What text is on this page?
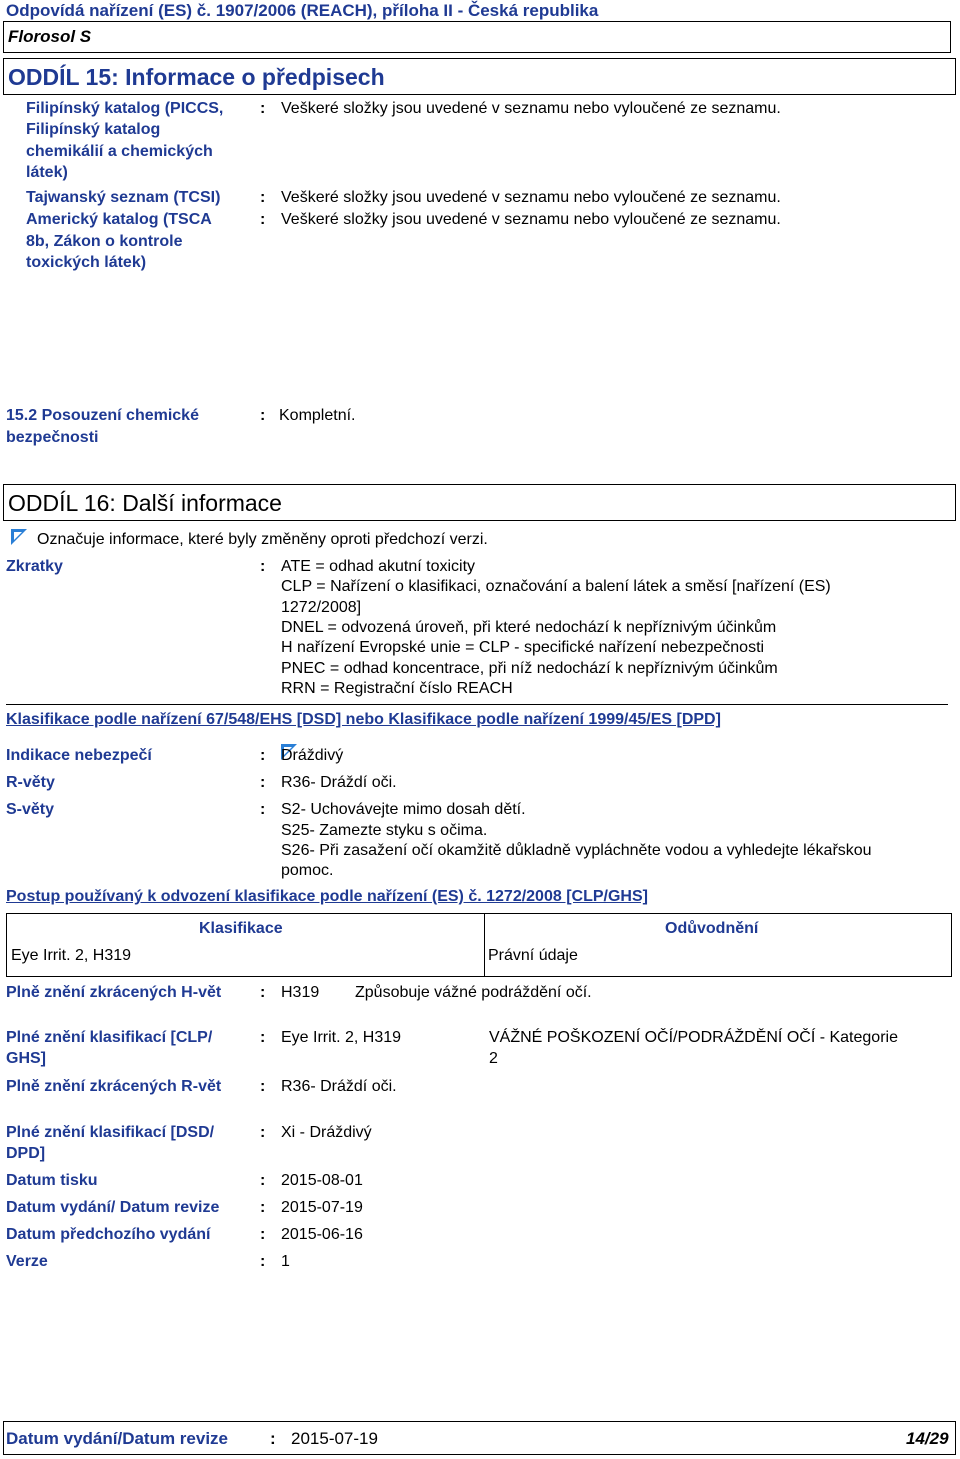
Odpovídá nařízení (ES) č. 1907/2006 (REACH), příloha II - Česká republika
Florosol S
ODDÍL 15: Informace o předpisech
Filipínský katalog (PICCS,
Filipínský katalog
chemikálií a chemických
látek)
: Veškeré složky jsou uvedené v seznamu nebo vyloučené ze seznamu.
Tajwanský seznam (TCSI) : Veškeré složky jsou uvedené v seznamu nebo vyloučené ze seznamu.
Americký katalog (TSCA
8b, Zákon o kontrole
toxických látek)
: Veškeré složky jsou uvedené v seznamu nebo vyloučené ze seznamu.
15.2 Posouzení chemické
bezpečnosti
: Kompletní.
ODDÍL 16: Další informace
Označuje informace, které byly změněny oproti předchozí verzi.
Zkratky	: ATE = odhad akutní toxicity
CLP = Nařízení o klasifikaci, označování a balení látek a směsí [nařízení (ES)
1272/2008]
DNEL = odvozená úroveň, při které nedochází k nepříznivým účinkům
H nařízení Evropské unie = CLP - specifické nařízení nebezpečnosti
PNEC = odhad koncentrace, při níž nedochází k nepříznivým účinkům
RRN = Registrační číslo REACH
Klasifikace podle nařízení 67/548/EHS [DSD] nebo Klasifikace podle nařízení 1999/45/ES [DPD]
Indikace nebezpečí	: Dráždivý
R-věty	: R36- Dráždí oči.
S-věty	: S2- Uchovávejte mimo dosah dětí.
S25- Zamezte styku s očima.
S26- Při zasažení očí okamžitě důkladně vypláchněte vodou a vyhledejte lékařskou
pomoc.
Postup používaný k odvození klasifikace podle nařízení (ES) č. 1272/2008 [CLP/GHS]
Klasifikace	Odůvodnění
Eye Irrit. 2, H319	Právní údaje
Plně znění zkrácených H-vět : H319 Způsobuje vážné podráždění očí.
Plné znění klasifikací [CLP/
GHS]
: Eye Irrit. 2, H319	VÁŽNÉ POŠKOZENÍ OČÍ/PODRÁŽDĚNÍ OČÍ - Kategorie
2
Plně znění zkrácených R-vět : R36- Dráždí oči.
Plné znění klasifikací [DSD/
DPD]
: Xi - Dráždivý
Datum tisku	: 2015-08-01
Datum vydání/ Datum revize	: 2015-07-19
Datum předchozího vydání	: 2015-06-16
Verze	: 1
Datum vydání/Datum revize : 2015-07-19	14/29
